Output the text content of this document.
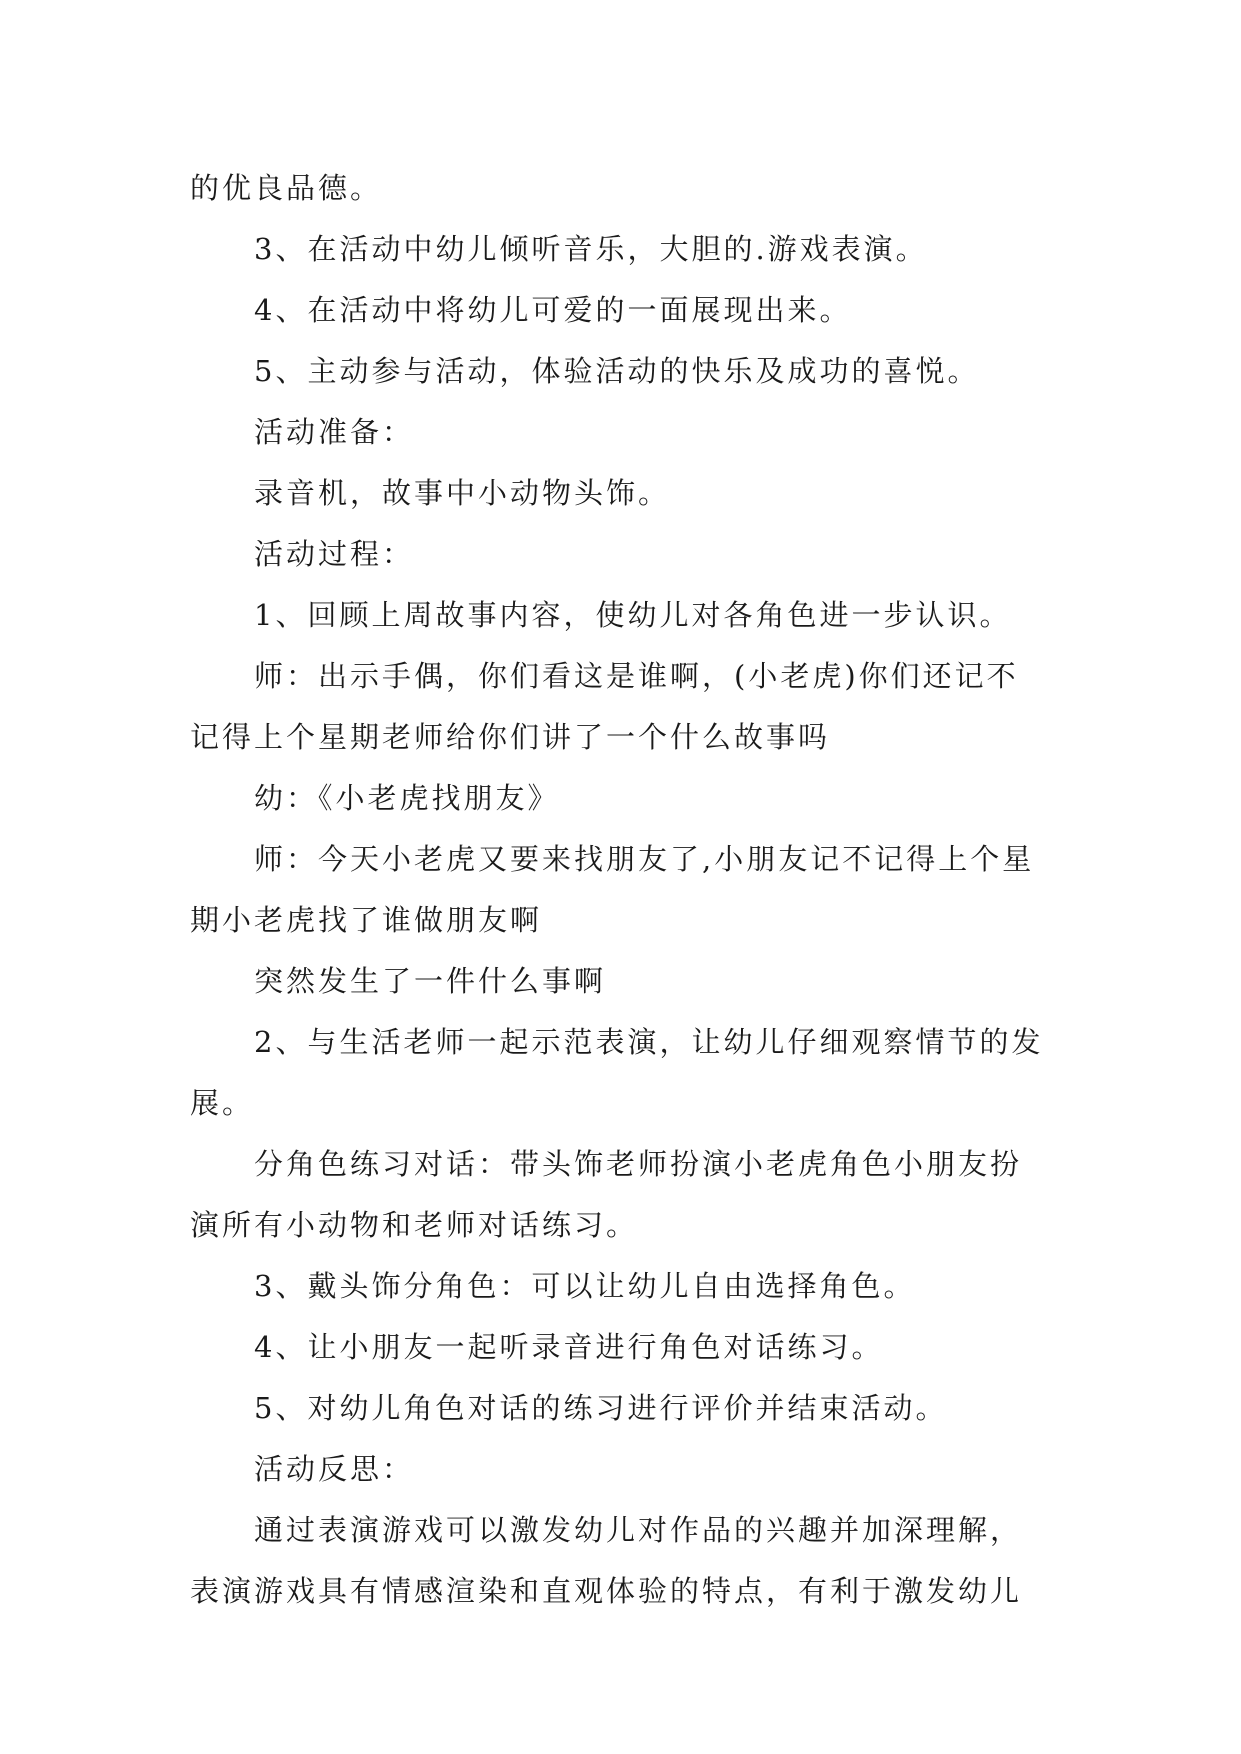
的优良品德。

3、在活动中幼儿倾听音乐，大胆的.游戏表演。

4、在活动中将幼儿可爱的一面展现出来。

5、主动参与活动，体验活动的快乐及成功的喜悦。

活动准备：

录音机，故事中小动物头饰。

活动过程：

1、回顾上周故事内容，使幼儿对各角色进一步认识。

师：出示手偶，你们看这是谁啊，(小老虎)你们还记不记得上个星期老师给你们讲了一个什么故事吗

幼：《小老虎找朋友》

师：今天小老虎又要来找朋友了,小朋友记不记得上个星期小老虎找了谁做朋友啊

突然发生了一件什么事啊

2、与生活老师一起示范表演，让幼儿仔细观察情节的发展。

分角色练习对话：带头饰老师扮演小老虎角色小朋友扮演所有小动物和老师对话练习。

3、戴头饰分角色：可以让幼儿自由选择角色。

4、让小朋友一起听录音进行角色对话练习。

5、对幼儿角色对话的练习进行评价并结束活动。

活动反思：

通过表演游戏可以激发幼儿对作品的兴趣并加深理解，表演游戏具有情感渲染和直观体验的特点，有利于激发幼儿
